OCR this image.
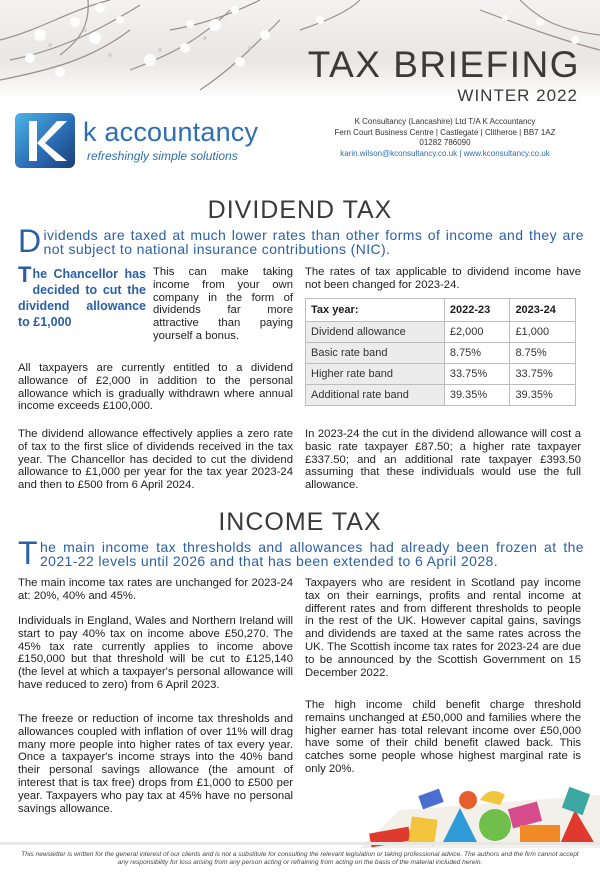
TAX BRIEFING
WINTER 2022
k accountancy
refreshingly simple solutions
K Consultancy (Lancashire) Ltd T/A K Accountancy
Fern Court Business Centre | Castlegate | Clitheroe | BB7 1AZ
01282 786090
karin.wilson@kconsultancy.co.uk | www.kconsultancy.co.uk
DIVIDEND TAX
Dividends are taxed at much lower rates than other forms of income and they are not subject to national insurance contributions (NIC).
The Chancellor has decided to cut the dividend allowance to £1,000
This can make taking income from your own company in the form of dividends far more attractive than paying yourself a bonus.
All taxpayers are currently entitled to a dividend allowance of £2,000 in addition to the personal allowance which is gradually withdrawn where annual income exceeds £100,000.
The dividend allowance effectively applies a zero rate of tax to the first slice of dividends received in the tax year. The Chancellor has decided to cut the dividend allowance to £1,000 per year for the tax year 2023-24 and then to £500 from 6 April 2024.
The rates of tax applicable to dividend income have not been changed for 2023-24.
Tax year:	2022-23	2023-24
Dividend allowance	£2,000	£1,000
Basic rate band	8.75%	8.75%
Higher rate band	33.75%	33.75%
Additional rate band	39.35%	39.35%
In 2023-24 the cut in the dividend allowance will cost a basic rate taxpayer £87.50; a higher rate taxpayer £337.50; and an additional rate taxpayer £393.50 assuming that these individuals would use the full allowance.
INCOME TAX
The main income tax thresholds and allowances had already been frozen at the 2021-22 levels until 2026 and that has been extended to 6 April 2028.
The main income tax rates are unchanged for 2023-24 at: 20%, 40% and 45%.
Individuals in England, Wales and Northern Ireland will start to pay 40% tax on income above £50,270. The 45% tax rate currently applies to income above £150,000 but that threshold will be cut to £125,140 (the level at which a taxpayer's personal allowance will have reduced to zero) from 6 April 2023.
The freeze or reduction of income tax thresholds and allowances coupled with inflation of over 11% will drag many more people into higher rates of tax every year. Once a taxpayer's income strays into the 40% band their personal savings allowance (the amount of interest that is tax free) drops from £1,000 to £500 per year. Taxpayers who pay tax at 45% have no personal savings allowance.
Taxpayers who are resident in Scotland pay income tax on their earnings, profits and rental income at different rates and from different thresholds to people in the rest of the UK. However capital gains, savings and dividends are taxed at the same rates across the UK. The Scottish income tax rates for 2023-24 are due to be announced by the Scottish Government on 15 December 2022.
The high income child benefit charge threshold remains unchanged at £50,000 and families where the higher earner has total relevant income over £50,000 have some of their child benefit clawed back. This catches some people whose highest marginal rate is only 20%.
This newsletter is written for the general interest of our clients and is not a substitute for consulting the relevant legislation or taking professional advice. The authors and the firm cannot accept any responsibility for loss arising from any person acting or refraining from acting on the basis of the material included herein.
